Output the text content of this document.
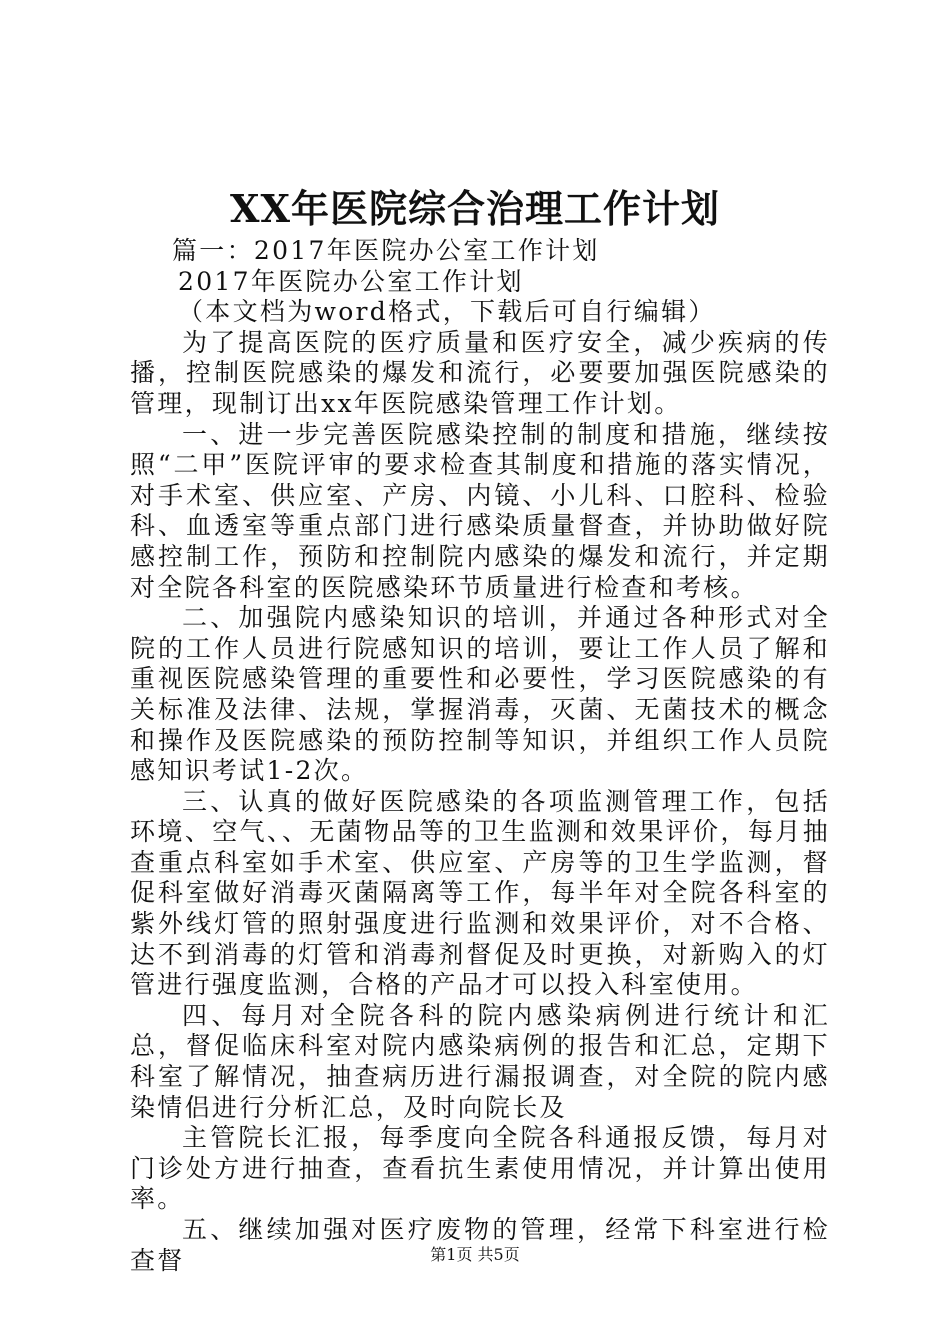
XX年医院综合治理工作计划

篇一：2017年医院办公室工作计划

2017年医院办公室工作计划

（本文档为word格式，下载后可自行编辑）

为了提高医院的医疗质量和医疗安全，减少疾病的传播，控制医院感染的爆发和流行，必要要加强医院感染的管理，现制订出xx年医院感染管理工作计划。

一、进一步完善医院感染控制的制度和措施，继续按照“二甲”医院评审的要求检查其制度和措施的落实情况，对手术室、供应室、产房、内镜、小儿科、口腔科、检验科、血透室等重点部门进行感染质量督查，并协助做好院感控制工作，预防和控制院内感染的爆发和流行，并定期对全院各科室的医院感染环节质量进行检查和考核。

二、加强院内感染知识的培训，并通过各种形式对全院的工作人员进行院感知识的培训，要让工作人员了解和重视医院感染管理的重要性和必要性，学习医院感染的有关标准及法律、法规，掌握消毒，灭菌、无菌技术的概念和操作及医院感染的预防控制等知识，并组织工作人员院感知识考试1-2次。

三、认真的做好医院感染的各项监测管理工作，包括环境、空气、、无菌物品等的卫生监测和效果评价，每月抽查重点科室如手术室、供应室、产房等的卫生学监测，督促科室做好消毒灭菌隔离等工作，每半年对全院各科室的紫外线灯管的照射强度进行监测和效果评价，对不合格、达不到消毒的灯管和消毒剂督促及时更换，对新购入的灯管进行强度监测，合格的产品才可以投入科室使用。

四、每月对全院各科的院内感染病例进行统计和汇总，督促临床科室对院内感染病例的报告和汇总，定期下科室了解情况，抽查病历进行漏报调查，对全院的院内感染情侣进行分析汇总，及时向院长及

主管院长汇报，每季度向全院各科通报反馈，每月对门诊处方进行抽查，查看抗生素使用情况，并计算出使用率。

五、继续加强对医疗废物的管理，经常下科室进行检查督	第1页 共5页
